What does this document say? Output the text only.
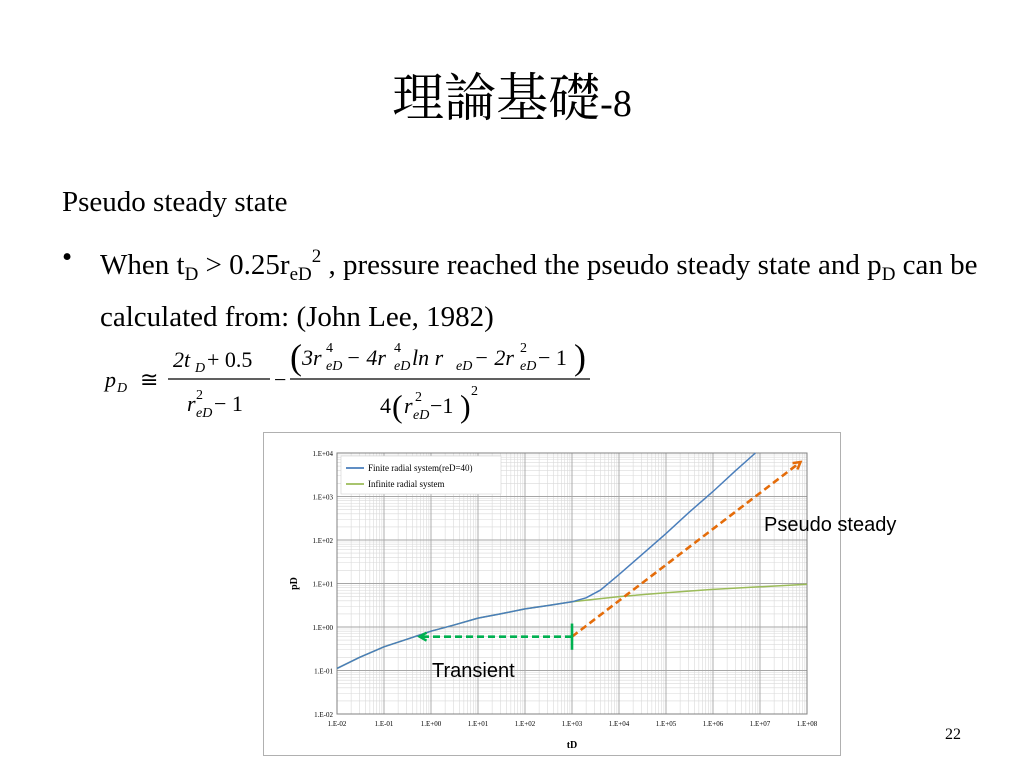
理論基礎-8
Pseudo steady state
• When $t_D > 0.25r_{eD}^2$ , pressure reached the pseudo steady state and $p_D$ can be calculated from: (John Lee, 1982)
p D ≅
2t D + 0.5
r 2
eD − 1
−
( 3r 4
eD − 4r 4
eD ln r eD − 2r 2
eD − 1 )
4 ( r 2
eD −1 ) 2
1.E-02	1.E-01	1.E+00	1.E+01	1.E+02	1.E+03	1.E+04	1.E+05	1.E+06	1.E+07	1.E+08
1.E-02
1.E-01
1.E+00
1.E+01
1.E+02
1.E+03
1.E+04
tD
pD
Finite radial system(reD=40)
Infinite radial system
Pseudo steady
Transient
22
